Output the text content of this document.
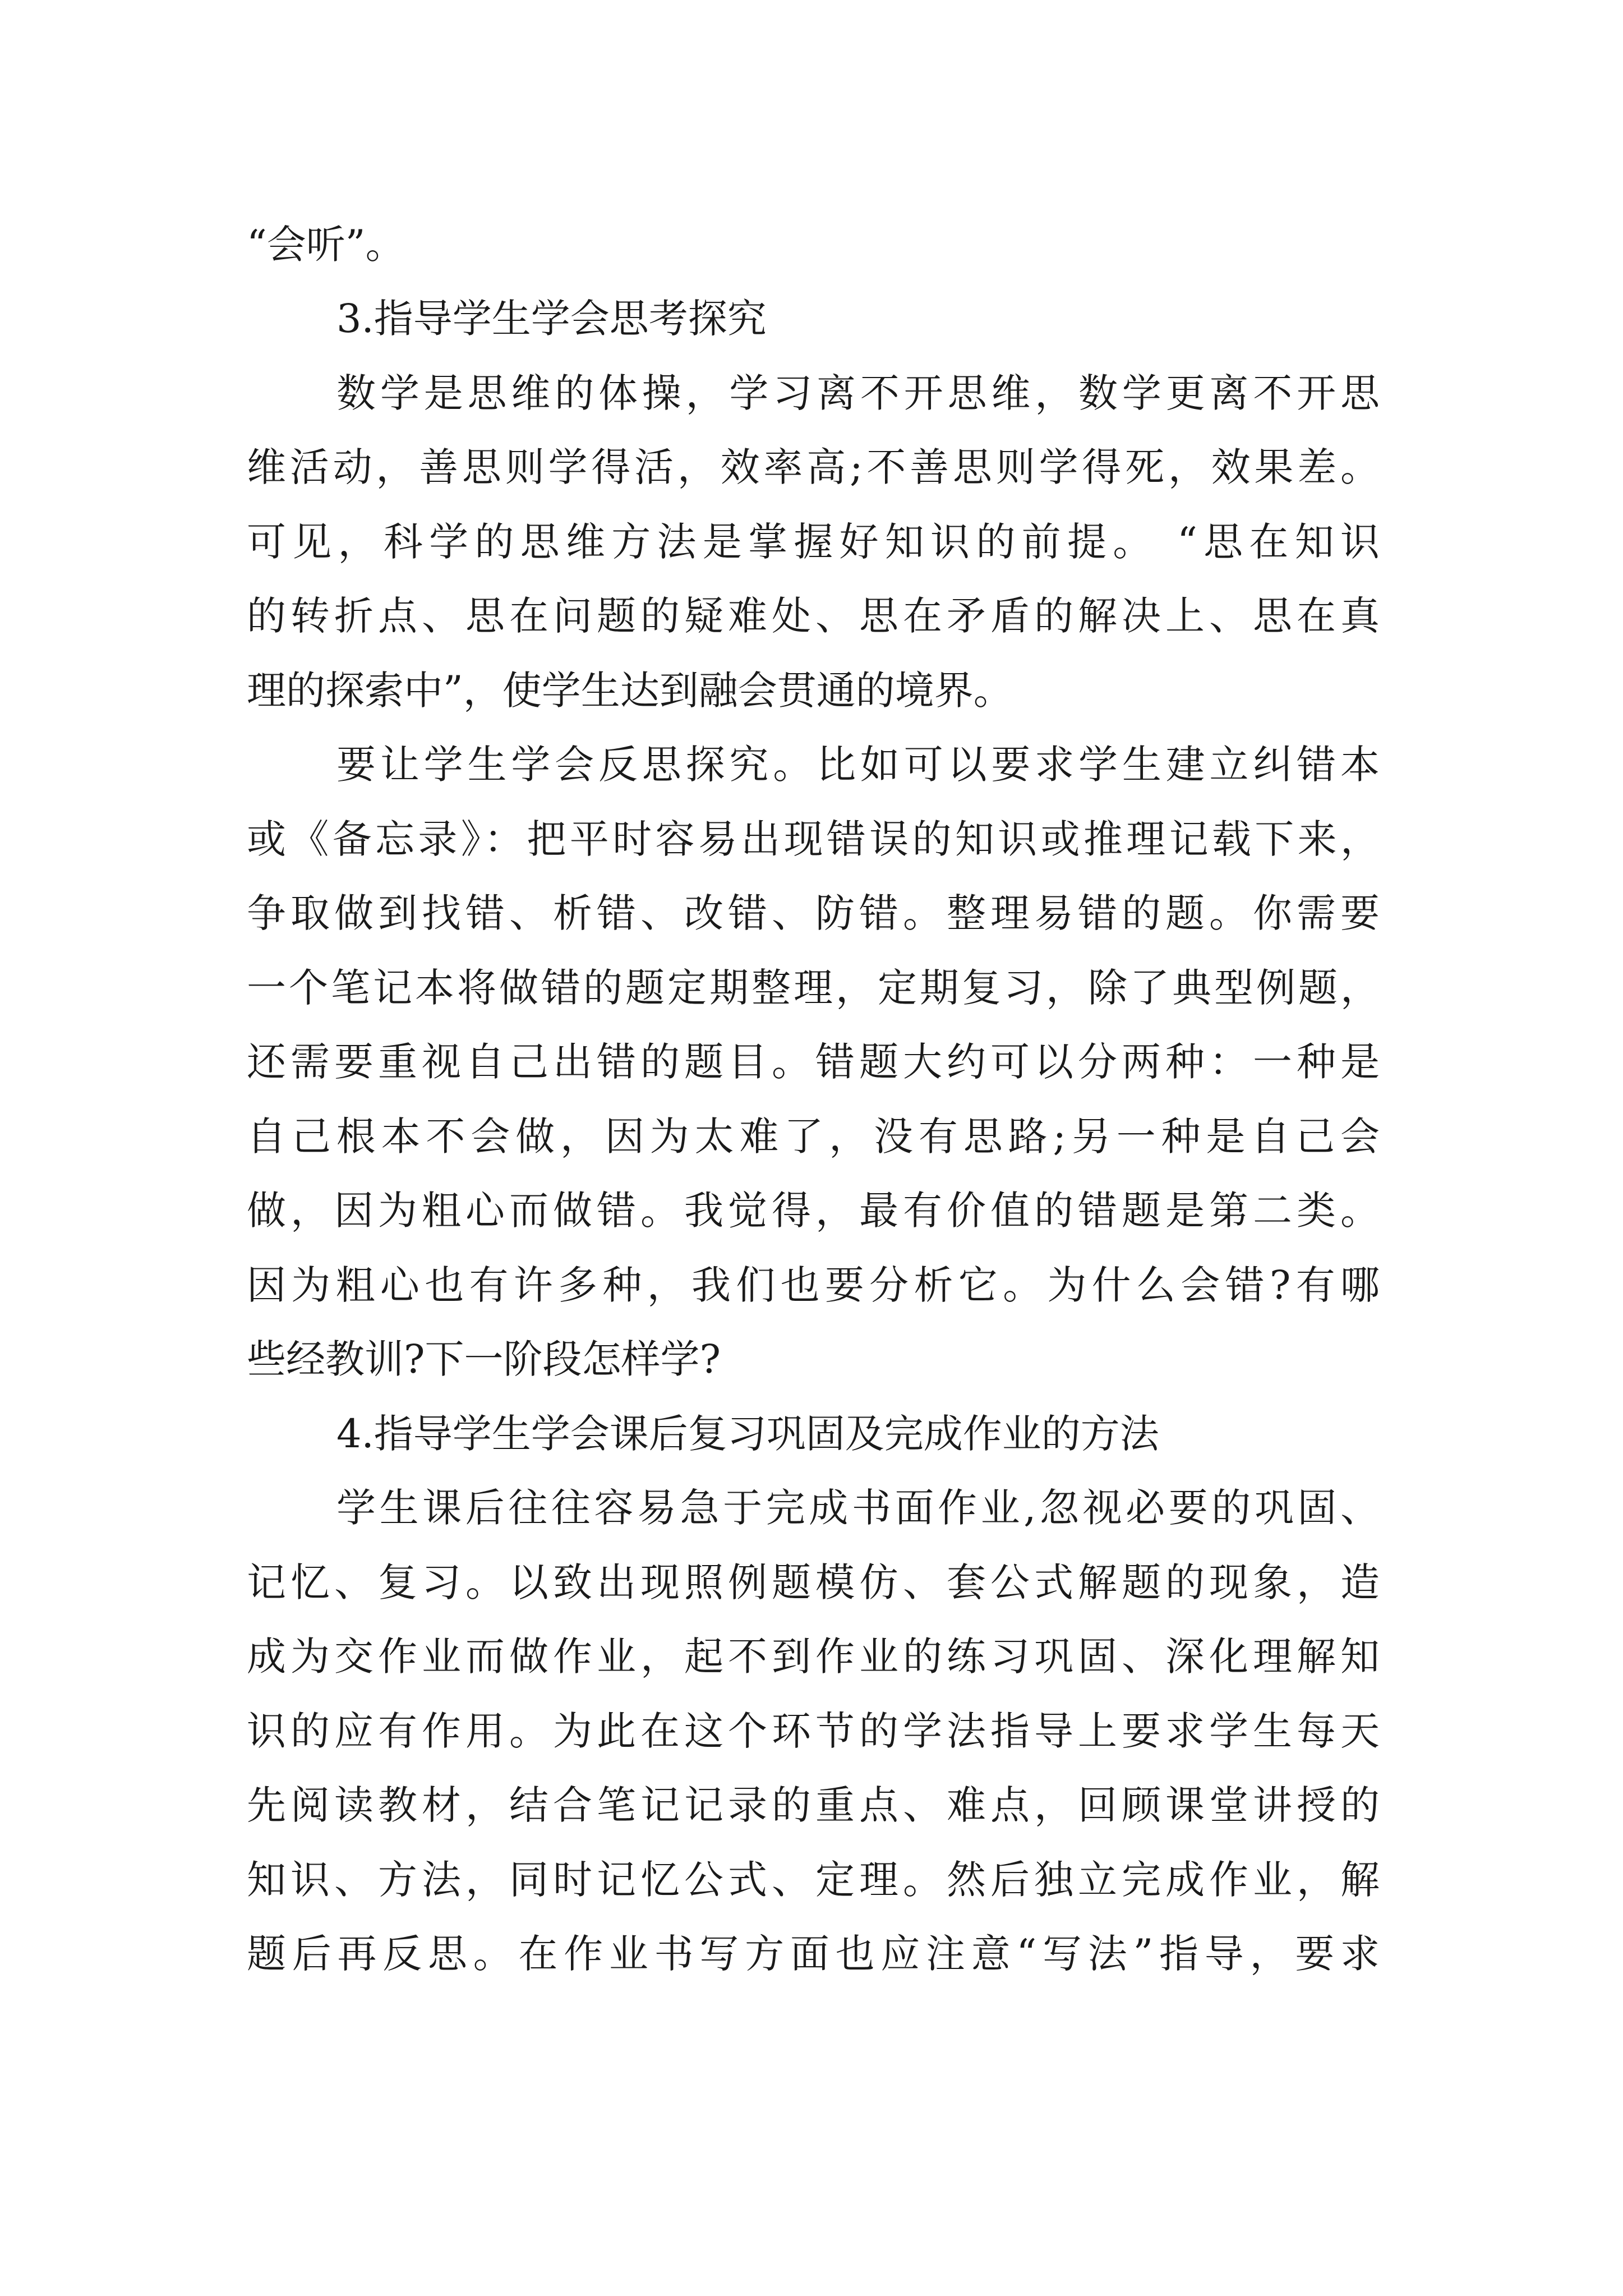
“会听”。
3.指导学生学会思考探究
数学是思维的体操，学习离不开思维，数学更离不开思
维活动，善思则学得活，效率高;不善思则学得死，效果差。
可见，科学的思维方法是掌握好知识的前提。 “思在知识
的转折点、思在问题的疑难处、思在矛盾的解决上、思在真
理的探索中”，使学生达到融会贯通的境界。
要让学生学会反思探究。比如可以要求学生建立纠错本
或《备忘录》：把平时容易出现错误的知识或推理记载下来，
争取做到找错、析错、改错、防错。整理易错的题。你需要
一个笔记本将做错的题定期整理，定期复习，除了典型例题，
还需要重视自己出错的题目。错题大约可以分两种：一种是
自己根本不会做，因为太难了，没有思路;另一种是自己会
做，因为粗心而做错。我觉得，最有价值的错题是第二类。
因为粗心也有许多种，我们也要分析它。为什么会错?有哪
些经教训?下一阶段怎样学?
4.指导学生学会课后复习巩固及完成作业的方法
学生课后往往容易急于完成书面作业,忽视必要的巩固、
记忆、复习。以致出现照例题模仿、套公式解题的现象，造
成为交作业而做作业，起不到作业的练习巩固、深化理解知
识的应有作用。为此在这个环节的学法指导上要求学生每天
先阅读教材，结合笔记记录的重点、难点，回顾课堂讲授的
知识、方法，同时记忆公式、定理。然后独立完成作业，解
题后再反思。在作业书写方面也应注意“写法”指导，要求
